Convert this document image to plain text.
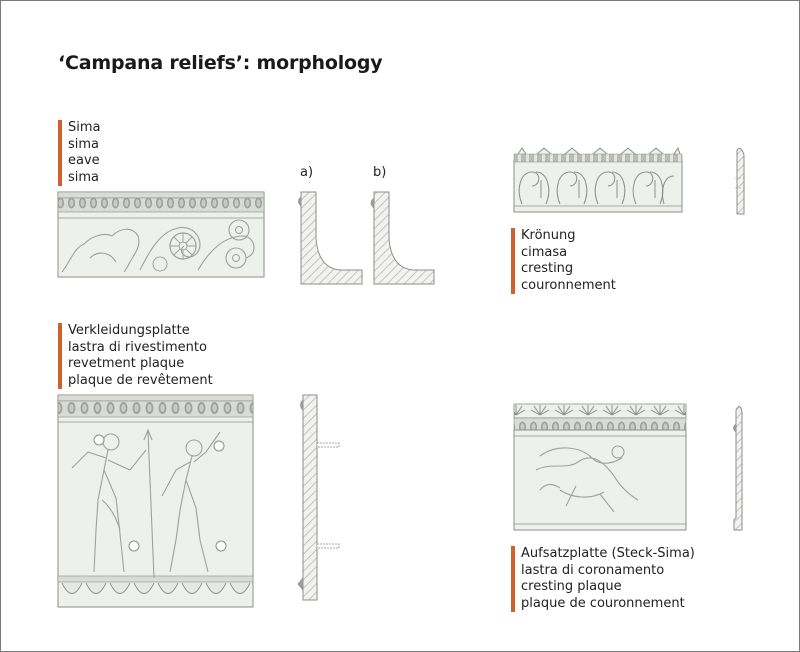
‘Campana reliefs’: morphology
Sima
sima
eave
sima
Krönung
cimasa
cresting
couronnement
Verkleidungsplatte
lastra di rivestimento
revetment plaque
plaque de revêtement
Aufsatzplatte (Steck-Sima)
lastra di coronamento
cresting plaque
plaque de couronnement
a)	b)
